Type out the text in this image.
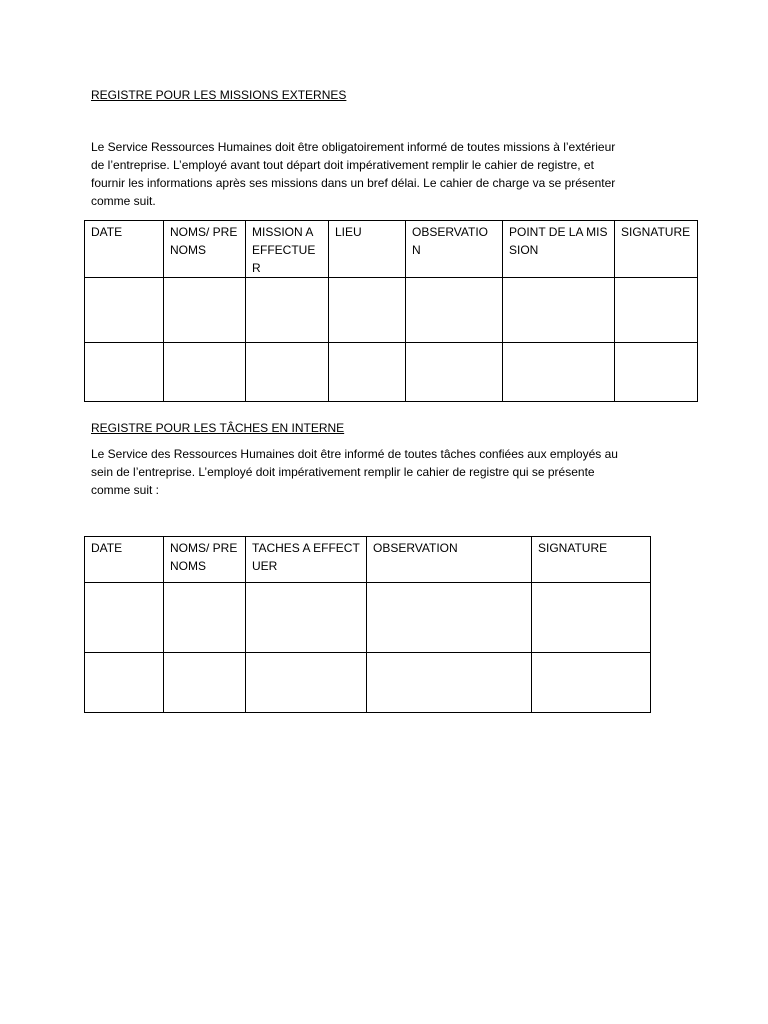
REGISTRE POUR LES MISSIONS EXTERNES

Le Service Ressources Humaines doit être obligatoirement informé de toutes missions à l’extérieur
de l’entreprise. L’employé avant tout départ doit impérativement remplir le cahier de registre, et
fournir les informations après ses missions dans un bref délai. Le cahier de charge va se présenter
comme suit.

DATE	NOMS/ PRENOMS	MISSION A EFFECTUER	LIEU	OBSERVATION	POINT DE LA MISSION	SIGNATURE

REGISTRE POUR LES TÂCHES EN INTERNE

Le Service des Ressources Humaines doit être informé de toutes tâches confiées aux employés au
sein de l’entreprise. L’employé doit impérativement remplir le cahier de registre qui se présente
comme suit :

DATE	NOMS/ PRENOMS	TACHES A EFFECTUER	OBSERVATION	SIGNATURE
